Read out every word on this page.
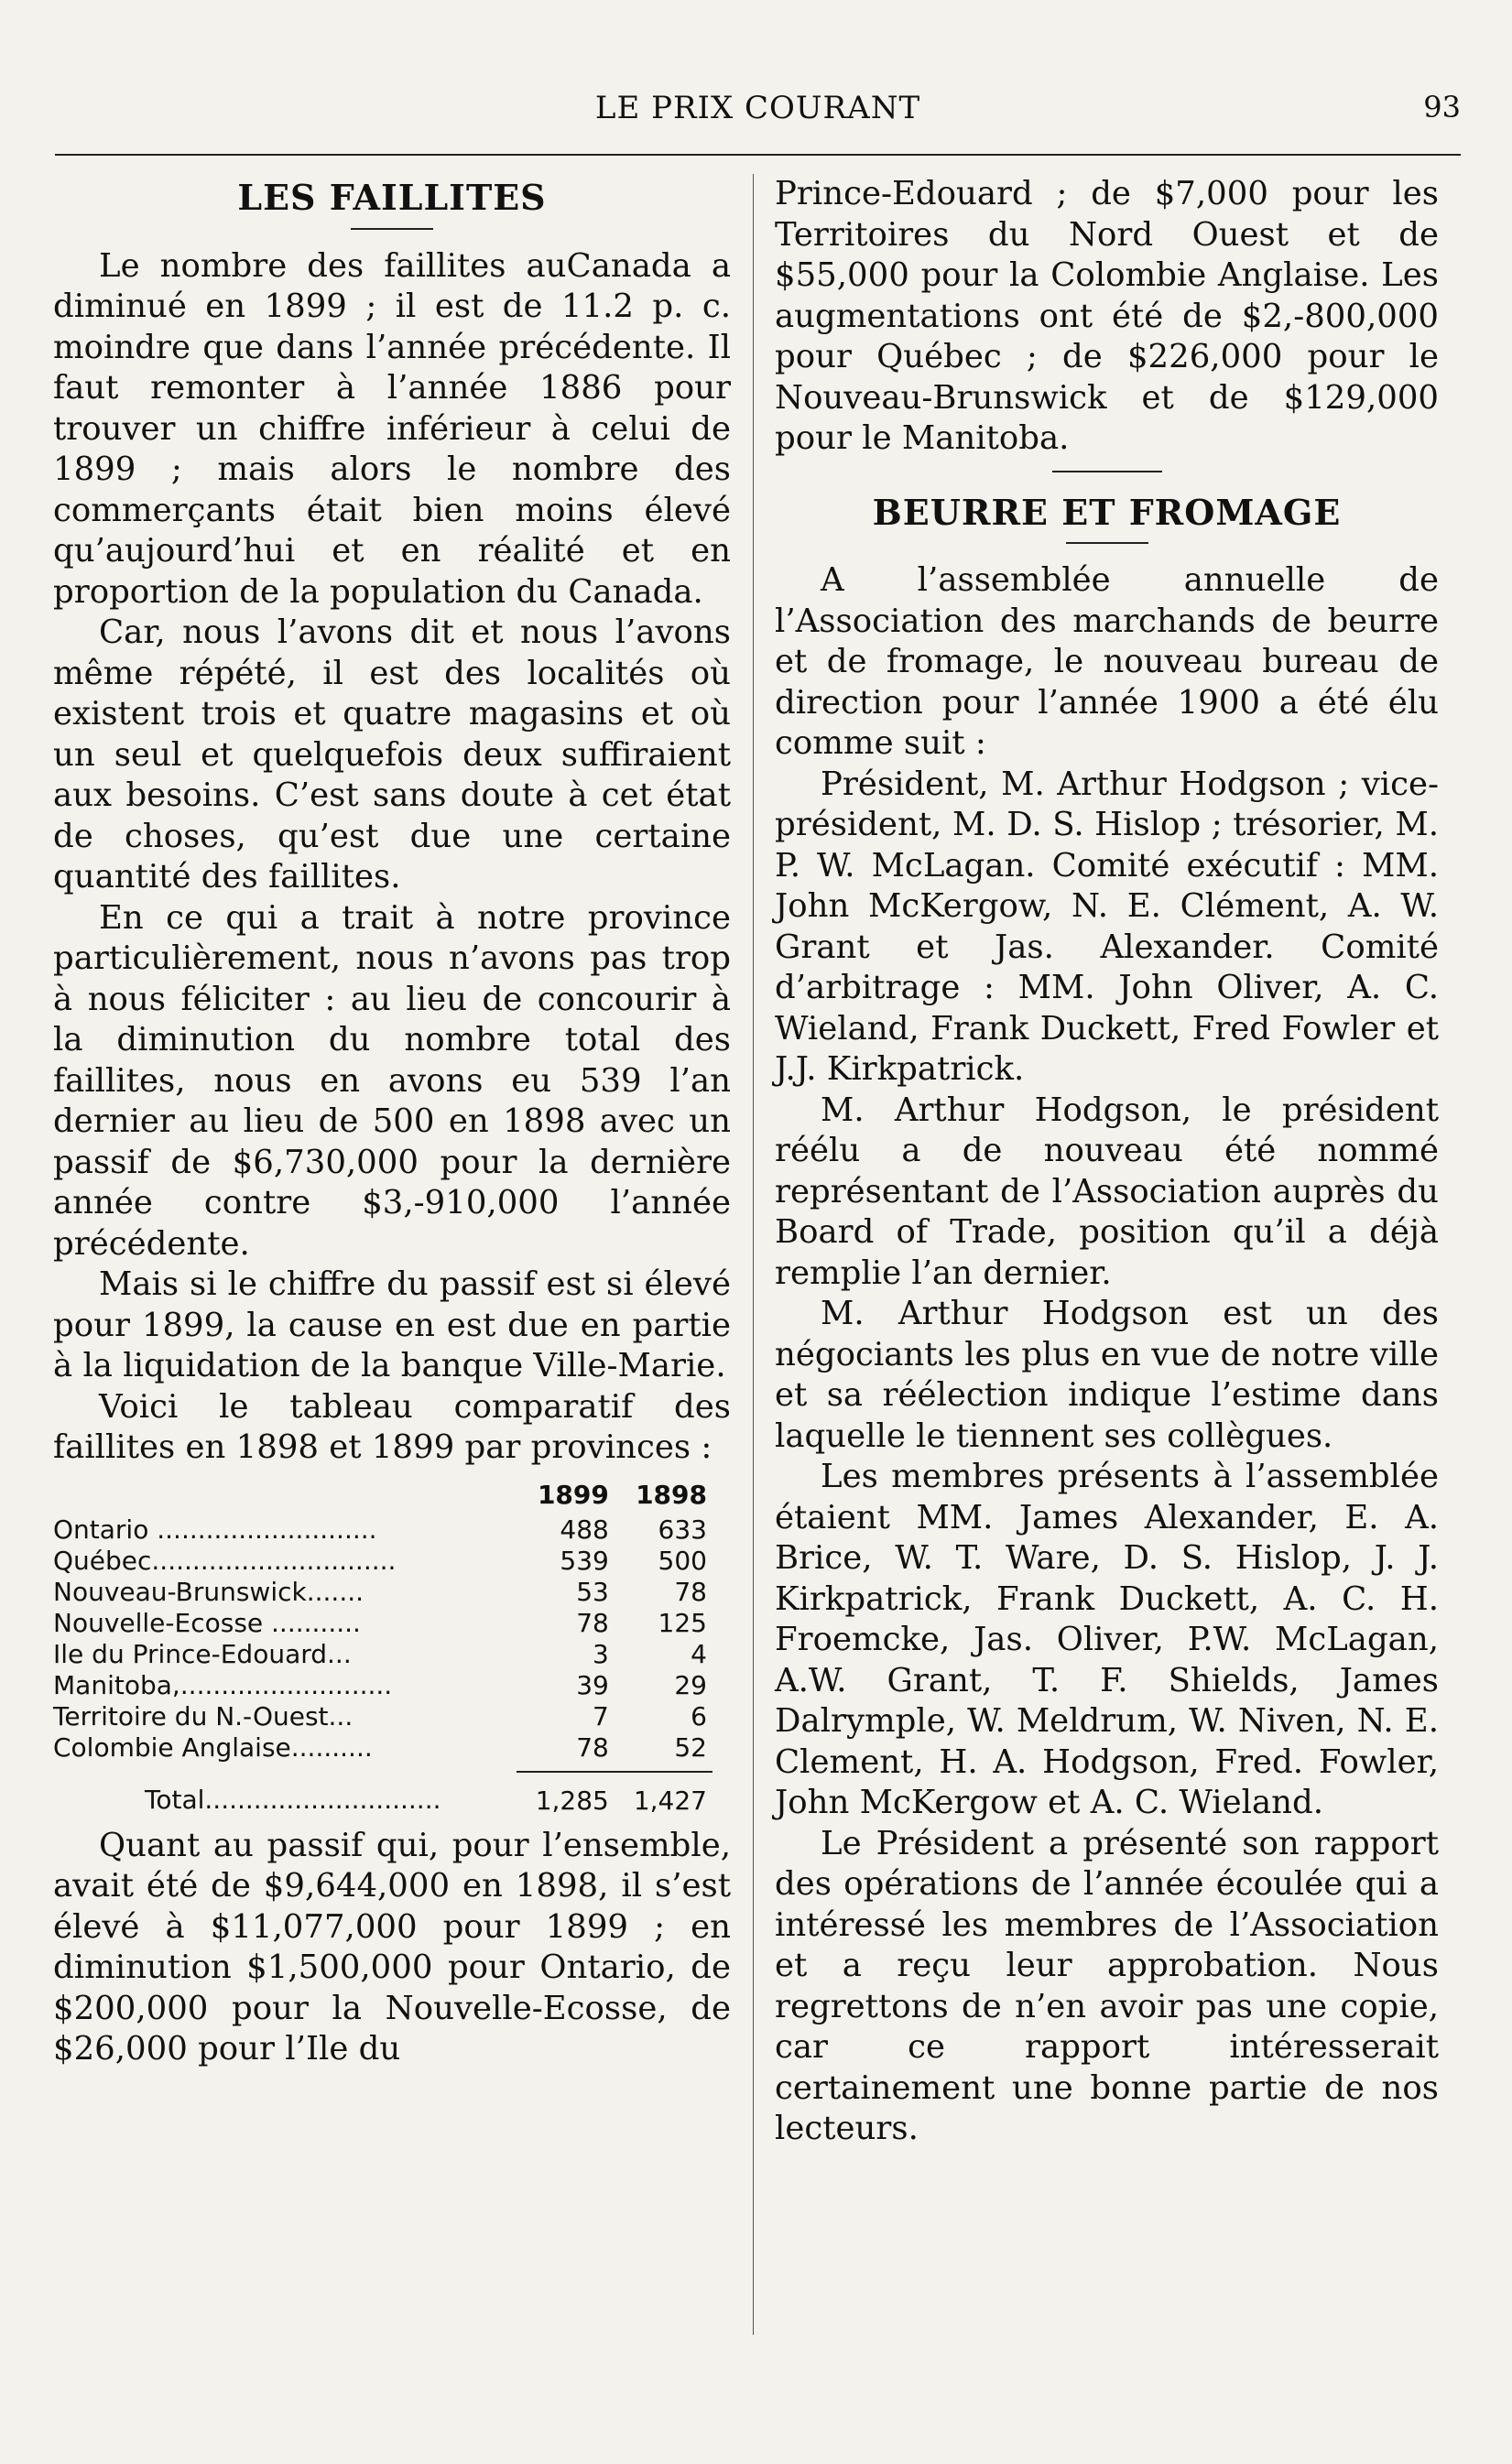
LE PRIX COURANT	93
LES FAILLITES

Le nombre des faillites auCanada a diminué en 1899 ; il est de 11.2 p. c. moindre que dans l’année précédente. Il faut remonter à l’année 1886 pour trouver un chiffre inférieur à celui de 1899 ; mais alors le nombre des commerçants était bien moins élevé qu’aujourd’hui et en réalité et en proportion de la population du Canada.

Car, nous l’avons dit et nous l’avons même répété, il est des localités où existent trois et quatre magasins et où un seul et quelquefois deux suffiraient aux besoins. C’est sans doute à cet état de choses, qu’est due une certaine quantité des faillites.

En ce qui a trait à notre province particulièrement, nous n’avons pas trop à nous féliciter : au lieu de concourir à la diminution du nombre total des faillites, nous en avons eu 539 l’an dernier au lieu de 500 en 1898 avec un passif de $6,730,000 pour la dernière année contre $3,-910,000 l’année précédente.

Mais si le chiffre du passif est si élevé pour 1899, la cause en est due en partie à la liquidation de la banque Ville-Marie.

Voici le tableau comparatif des faillites en 1898 et 1899 par provinces :

	1899	1898
Ontario ...........................	488	633
Québec..............................	539	500
Nouveau-Brunswick.......	53	78
Nouvelle-Ecosse ...........	78	125
Ile du Prince-Edouard...	3	4
Manitoba,..........................	39	29
Territoire du N.-Ouest...	7	6
Colombie Anglaise..........	78	52

Total.............................	1,285	1,427

Quant au passif qui, pour l’ensemble, avait été de $9,644,000 en 1898, il s’est élevé à $11,077,000 pour 1899 ; en diminution $1,500,000 pour Ontario, de $200,000 pour la Nouvelle-Ecosse, de $26,000 pour l’Ile du

Prince-Edouard ; de $7,000 pour les Territoires du Nord Ouest et de $55,000 pour la Colombie Anglaise. Les augmentations ont été de $2,-800,000 pour Québec ; de $226,000 pour le Nouveau-Brunswick et de $129,000 pour le Manitoba.

BEURRE ET FROMAGE

A l’assemblée annuelle de l’Association des marchands de beurre et de fromage, le nouveau bureau de direction pour l’année 1900 a été élu comme suit :

Président, M. Arthur Hodgson ; vice-président, M. D. S. Hislop ; trésorier, M. P. W. McLagan. Comité exécutif : MM. John McKergow, N. E. Clément, A. W. Grant et Jas. Alexander. Comité d’arbitrage : MM. John Oliver, A. C. Wieland, Frank Duckett, Fred Fowler et J.J. Kirkpatrick.

M. Arthur Hodgson, le président réélu a de nouveau été nommé représentant de l’Association auprès du Board of Trade, position qu’il a déjà remplie l’an dernier.

M. Arthur Hodgson est un des négociants les plus en vue de notre ville et sa réélection indique l’estime dans laquelle le tiennent ses collègues.

Les membres présents à l’assemblée étaient MM. James Alexander, E. A. Brice, W. T. Ware, D. S. Hislop, J. J. Kirkpatrick, Frank Duckett, A. C. H. Froemcke, Jas. Oliver, P.W. McLagan, A.W. Grant, T. F. Shields, James Dalrymple, W. Meldrum, W. Niven, N. E. Clement, H. A. Hodgson, Fred. Fowler, John McKergow et A. C. Wieland.

Le Président a présenté son rapport des opérations de l’année écoulée qui a intéressé les membres de l’Association et a reçu leur approbation. Nous regrettons de n’en avoir pas une copie, car ce rapport intéresserait certainement une bonne partie de nos lecteurs.
